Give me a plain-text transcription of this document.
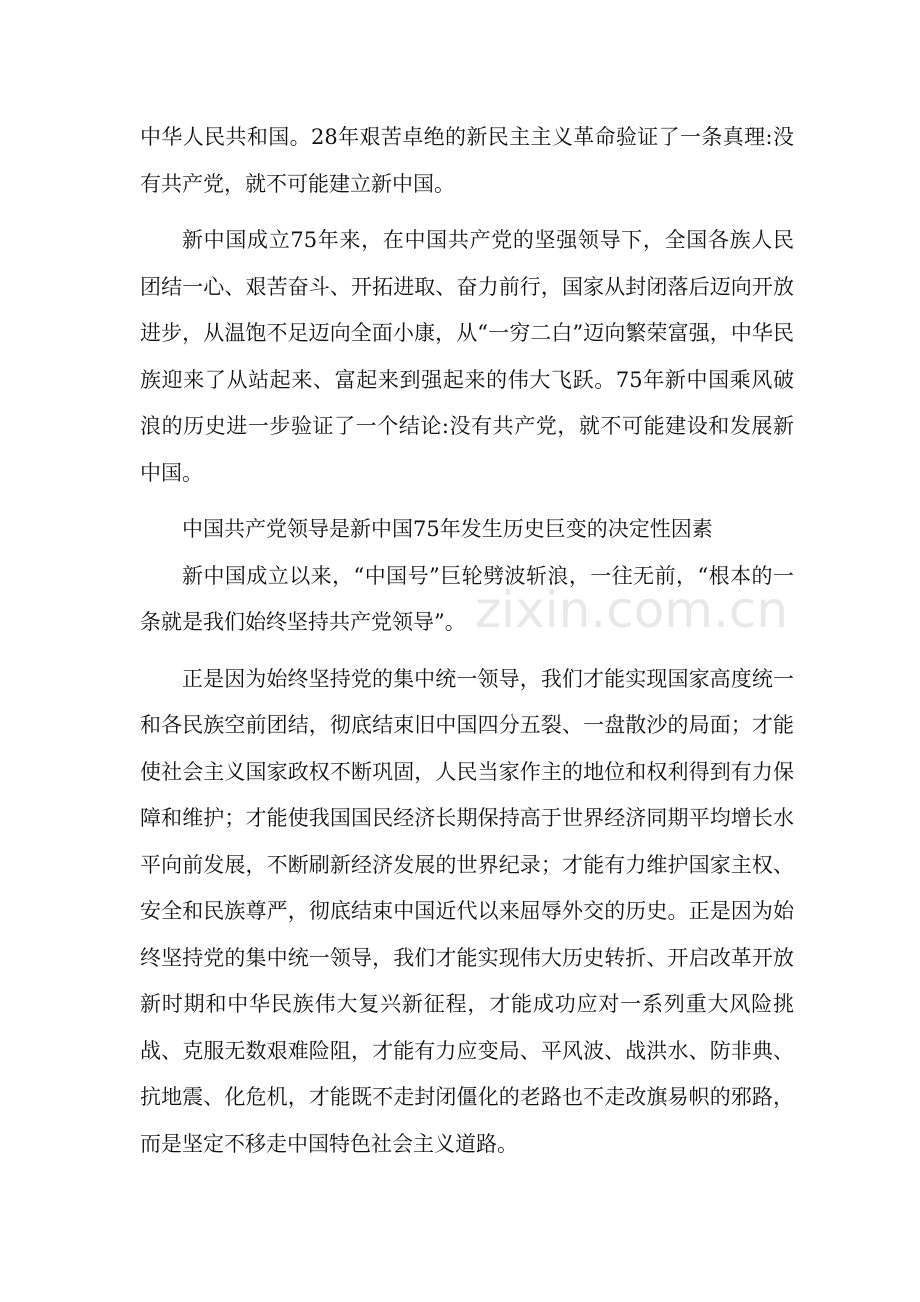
中华人民共和国。28年艰苦卓绝的新民主主义革命验证了一条真理:没有共产党，就不可能建立新中国。

新中国成立75年来，在中国共产党的坚强领导下，全国各族人民团结一心、艰苦奋斗、开拓进取、奋力前行，国家从封闭落后迈向开放进步，从温饱不足迈向全面小康，从“一穷二白”迈向繁荣富强，中华民族迎来了从站起来、富起来到强起来的伟大飞跃。75年新中国乘风破浪的历史进一步验证了一个结论:没有共产党，就不可能建设和发展新中国。

中国共产党领导是新中国75年发生历史巨变的决定性因素

新中国成立以来，“中国号”巨轮劈波斩浪，一往无前，“根本的一条就是我们始终坚持共产党领导”。

正是因为始终坚持党的集中统一领导，我们才能实现国家高度统一和各民族空前团结，彻底结束旧中国四分五裂、一盘散沙的局面；才能使社会主义国家政权不断巩固，人民当家作主的地位和权利得到有力保障和维护；才能使我国国民经济长期保持高于世界经济同期平均增长水平向前发展，不断刷新经济发展的世界纪录；才能有力维护国家主权、安全和民族尊严，彻底结束中国近代以来屈辱外交的历史。正是因为始终坚持党的集中统一领导，我们才能实现伟大历史转折、开启改革开放新时期和中华民族伟大复兴新征程，才能成功应对一系列重大风险挑战、克服无数艰难险阻，才能有力应变局、平风波、战洪水、防非典、抗地震、化危机，才能既不走封闭僵化的老路也不走改旗易帜的邪路，而是坚定不移走中国特色社会主义道路。

zixin.com.cn
